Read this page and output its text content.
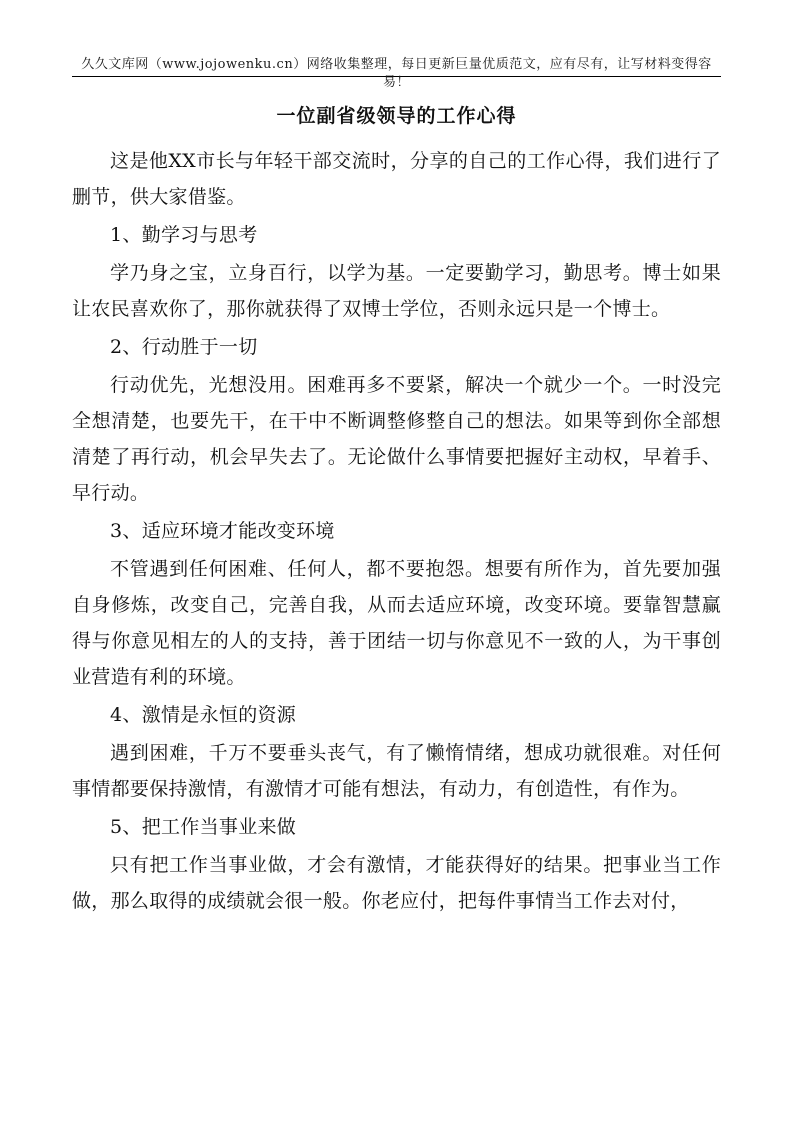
久久文库网（www.jojowenku.cn）网络收集整理，每日更新巨量优质范文，应有尽有，让写材料变得容易！
一位副省级领导的工作心得

这是他XX市长与年轻干部交流时，分享的自己的工作心得，我们进行了删节，供大家借鉴。

1、勤学习与思考

学乃身之宝，立身百行，以学为基。一定要勤学习，勤思考。博士如果让农民喜欢你了，那你就获得了双博士学位，否则永远只是一个博士。

2、行动胜于一切

行动优先，光想没用。困难再多不要紧，解决一个就少一个。一时没完全想清楚，也要先干，在干中不断调整修整自己的想法。如果等到你全部想清楚了再行动，机会早失去了。无论做什么事情要把握好主动权，早着手、早行动。

3、适应环境才能改变环境

不管遇到任何困难、任何人，都不要抱怨。想要有所作为，首先要加强自身修炼，改变自己，完善自我，从而去适应环境，改变环境。要靠智慧赢得与你意见相左的人的支持，善于团结一切与你意见不一致的人，为干事创业营造有利的环境。

4、激情是永恒的资源

遇到困难，千万不要垂头丧气，有了懒惰情绪，想成功就很难。对任何事情都要保持激情，有激情才可能有想法，有动力，有创造性，有作为。

5、把工作当事业来做

只有把工作当事业做，才会有激情，才能获得好的结果。把事业当工作做，那么取得的成绩就会很一般。你老应付，把每件事情当工作去对付，
